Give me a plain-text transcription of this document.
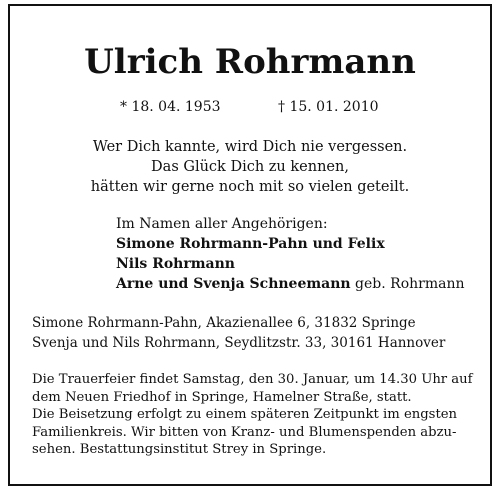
Ulrich Rohrmann
* 18. 04. 1953	† 15. 01. 2010
Wer Dich kannte, wird Dich nie vergessen.
Das Glück Dich zu kennen,
hätten wir gerne noch mit so vielen geteilt.
Im Namen aller Angehörigen:
Simone Rohrmann-Pahn und Felix
Nils Rohrmann
Arne und Svenja Schneemann geb. Rohrmann
Simone Rohrmann-Pahn, Akazienallee 6, 31832 Springe
Svenja und Nils Rohrmann, Seydlitzstr. 33, 30161 Hannover
Die Trauerfeier findet Samstag, den 30. Januar, um 14.30 Uhr auf
dem Neuen Friedhof in Springe, Hamelner Straße, statt.
Die Beisetzung erfolgt zu einem späteren Zeitpunkt im engsten
Familienkreis. Wir bitten von Kranz- und Blumenspenden abzu-
sehen. Bestattungsinstitut Strey in Springe.
